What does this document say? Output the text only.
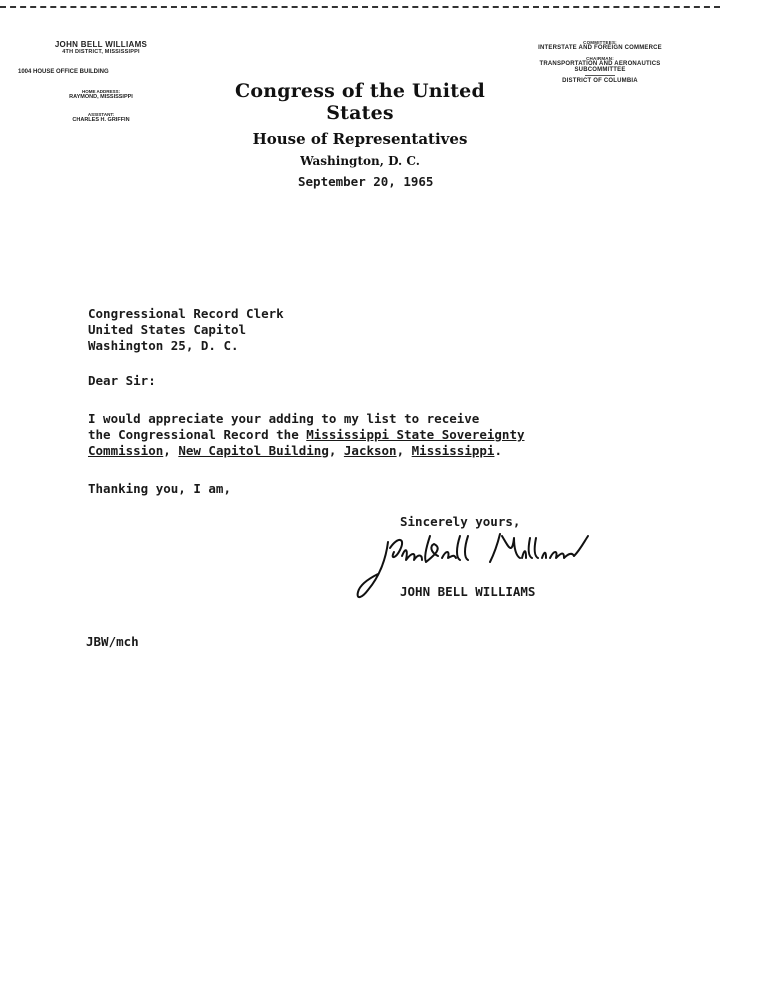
JOHN BELL WILLIAMS
4TH DISTRICT, MISSISSIPPI
1004 HOUSE OFFICE BUILDING
HOME ADDRESS:
RAYMOND, MISSISSIPPI
ASSISTANT:
CHARLES H. GRIFFIN
COMMITTEES:
INTERSTATE AND FOREIGN COMMERCE
CHAIRMAN:
TRANSPORTATION AND AERONAUTICS
SUBCOMMITTEE
DISTRICT OF COLUMBIA
Congress of the United States
House of Representatives
Washington, D. C.
September 20, 1965
Congressional Record Clerk
United States Capitol
Washington 25, D. C.
Dear Sir:
I would appreciate your adding to my list to receive
the Congressional Record the Mississippi State Sovereignty
Commission, New Capitol Building, Jackson, Mississippi.
Thanking you, I am,
Sincerely yours,
JOHN BELL WILLIAMS
JBW/mch
